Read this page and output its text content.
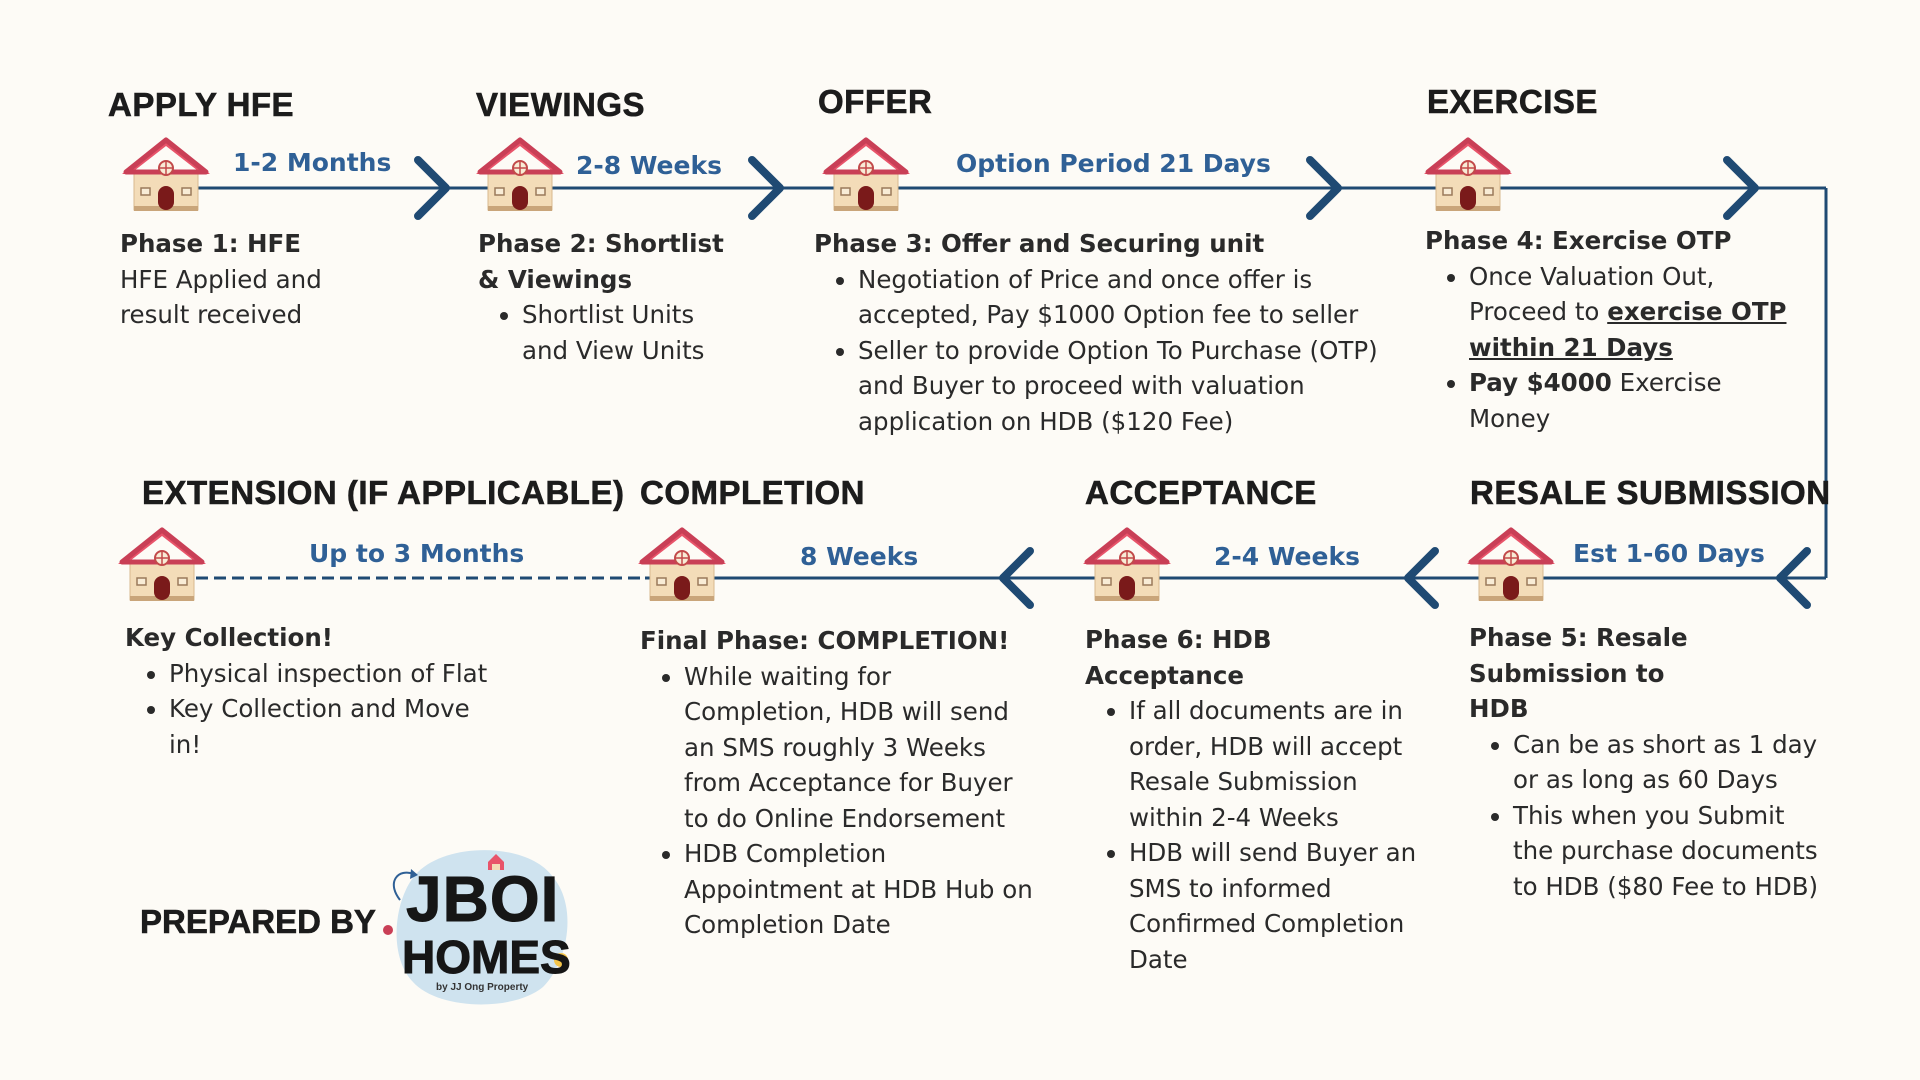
APPLY HFE	VIEWINGS	OFFER	EXERCISE
EXTENSION (IF APPLICABLE) COMPLETION	ACCEPTANCE	RESALE SUBMISSION
1-2 Months	2-8 Weeks	Option Period 21 Days
Up to 3 Months	8 Weeks	2-4 Weeks	Est 1-60 Days
Phase 1: HFE
HFE Applied and result received
Phase 2: Shortlist & Viewings
• Shortlist Units and View Units
Phase 3: Offer and Securing unit
• Negotiation of Price and once offer is accepted, Pay $1000 Option fee to seller
• Seller to provide Option To Purchase (OTP) and Buyer to proceed with valuation application on HDB ($120 Fee)
Phase 4: Exercise OTP
• Once Valuation Out, Proceed to exercise OTP within 21 Days
• Pay $4000 Exercise Money
Key Collection!
• Physical inspection of Flat
• Key Collection and Move in!
Final Phase: COMPLETION!
• While waiting for Completion, HDB will send an SMS roughly 3 Weeks from Acceptance for Buyer to do Online Endorsement
• HDB Completion Appointment at HDB Hub on Completion Date
Phase 6: HDB Acceptance
• If all documents are in order, HDB will accept Resale Submission within 2-4 Weeks
• HDB will send Buyer an SMS to informed Confirmed Completion Date
Phase 5: Resale Submission to HDB
• Can be as short as 1 day or as long as 60 Days
• This when you Submit the purchase documents to HDB ($80 Fee to HDB)
PREPARED BY JBOI
HOMES
by JJ Ong Property
